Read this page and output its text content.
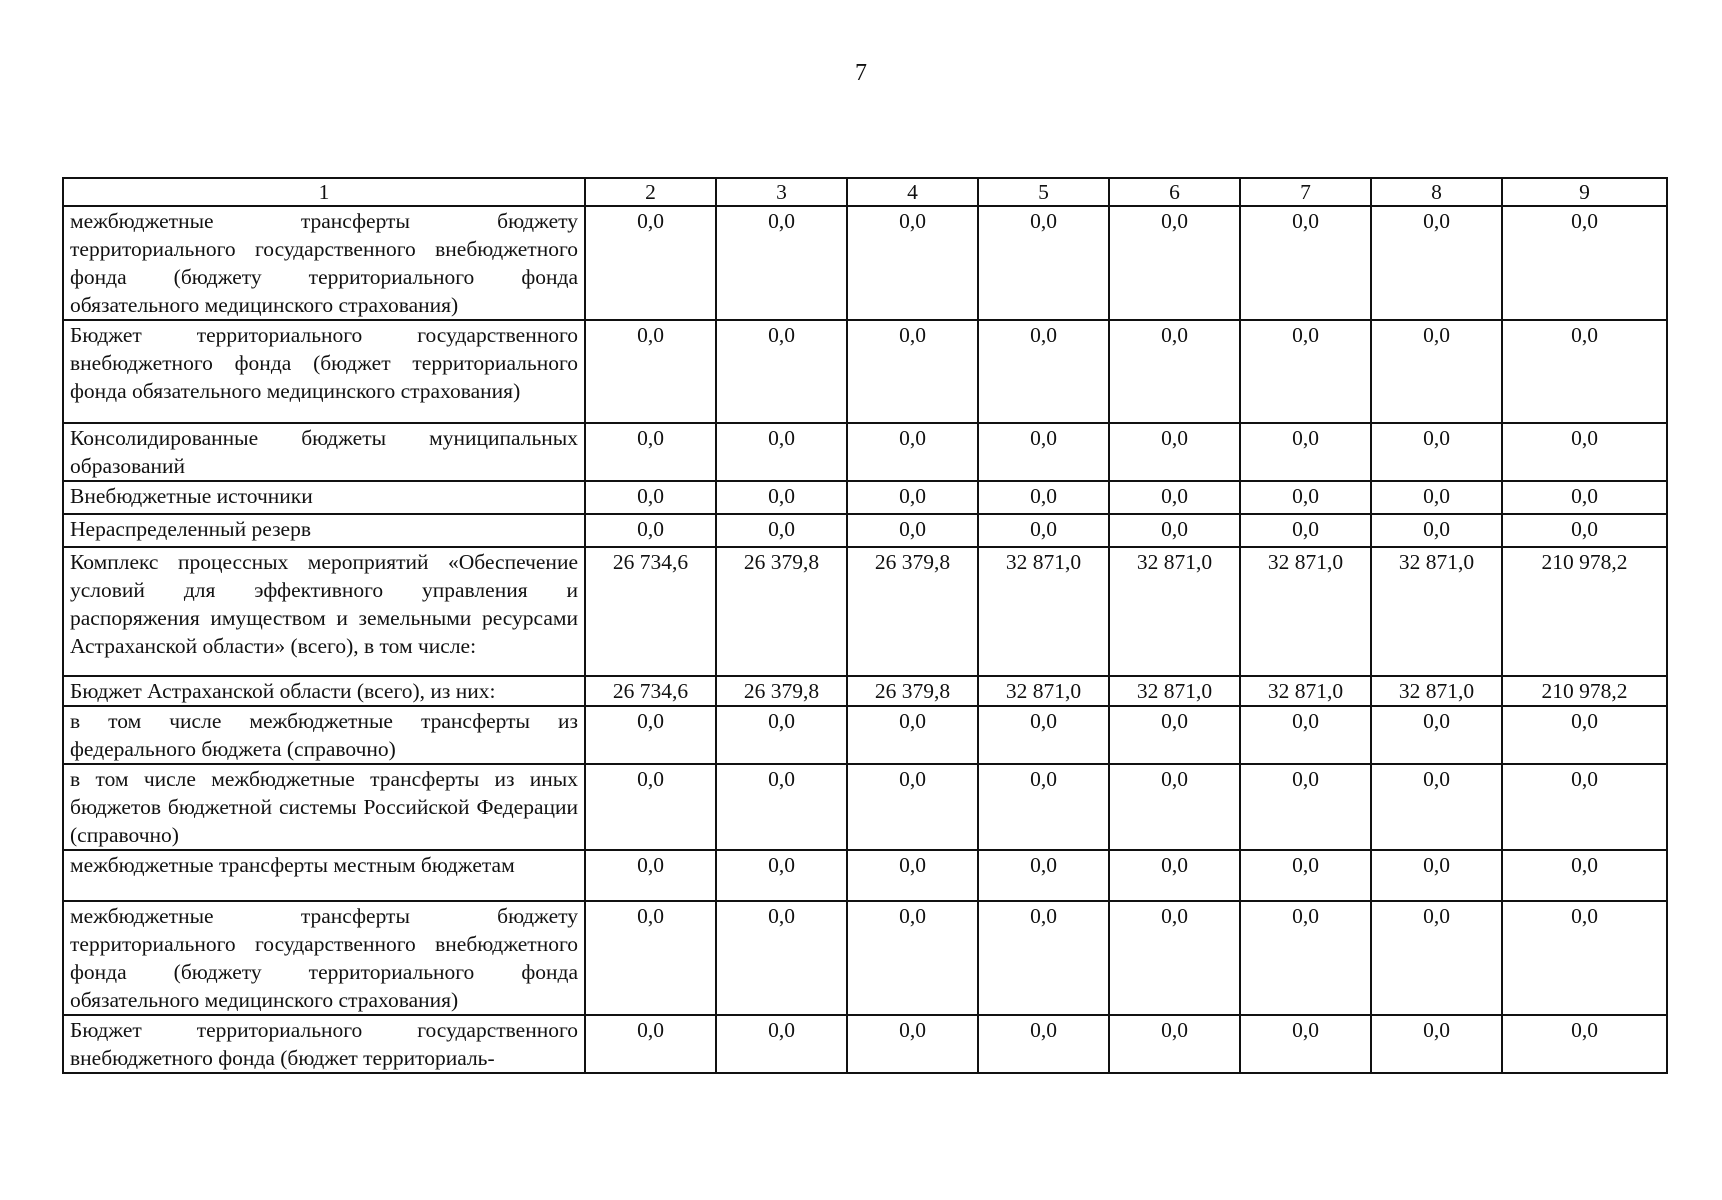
7
1	2	3	4	5	6	7	8	9
межбюджетные трансферты бюджету территориального государственного внебюджетного фонда (бюджету территориального фонда обязательного медицинского страхования)	0,0	0,0	0,0	0,0	0,0	0,0	0,0	0,0
Бюджет территориального государственного внебюджетного фонда (бюджет территориального фонда обязательного медицинского страхования)	0,0	0,0	0,0	0,0	0,0	0,0	0,0	0,0
Консолидированные бюджеты муниципальных образований	0,0	0,0	0,0	0,0	0,0	0,0	0,0	0,0
Внебюджетные источники	0,0	0,0	0,0	0,0	0,0	0,0	0,0	0,0
Нераспределенный резерв	0,0	0,0	0,0	0,0	0,0	0,0	0,0	0,0
Комплекс процессных мероприятий «Обеспечение условий для эффективного управления и распоряжения имуществом и земельными ресурсами Астраханской области» (всего), в том числе:	26 734,6	26 379,8	26 379,8	32 871,0	32 871,0	32 871,0	32 871,0	210 978,2
Бюджет Астраханской области (всего), из них:	26 734,6	26 379,8	26 379,8	32 871,0	32 871,0	32 871,0	32 871,0	210 978,2
в том числе межбюджетные трансферты из федерального бюджета (справочно)	0,0	0,0	0,0	0,0	0,0	0,0	0,0	0,0
в том числе межбюджетные трансферты из иных бюджетов бюджетной системы Российской Федерации (справочно)	0,0	0,0	0,0	0,0	0,0	0,0	0,0	0,0
межбюджетные трансферты местным бюджетам	0,0	0,0	0,0	0,0	0,0	0,0	0,0	0,0
межбюджетные трансферты бюджету территориального государственного внебюджетного фонда (бюджету территориального фонда обязательного медицинского страхования)	0,0	0,0	0,0	0,0	0,0	0,0	0,0	0,0
Бюджет территориального государственного внебюджетного фонда (бюджет территориаль-	0,0	0,0	0,0	0,0	0,0	0,0	0,0	0,0
